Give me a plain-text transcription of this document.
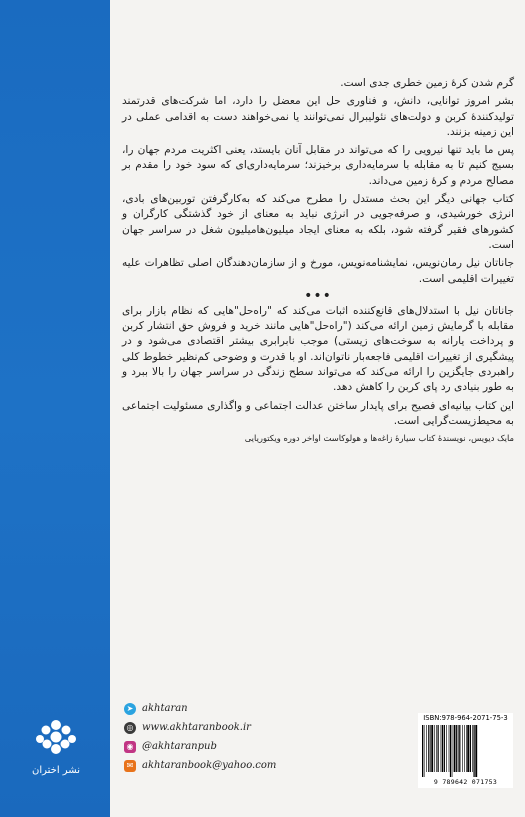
نشر اختران

گرم شدن کرهٔ زمین خطری جدی است.

بشر امروز توانایی، دانش، و فناوری حل این معضل را دارد، اما شرکت‌های قدرتمند تولیدکنندهٔ کربن و دولت‌های نئولیبرال نمی‌توانند یا نمی‌خواهند دست به اقدامی عملی در این زمینه بزنند.

پس ما باید تنها نیرویی را که می‌تواند در مقابل آنان بایستد، یعنی اکثریت مردم جهان را، بسیج کنیم تا به مقابله با سرمایه‌داری برخیزند؛ سرمایه‌داری‌ای که سود خود را مقدم بر مصالح مردم و کرهٔ زمین می‌داند.

کتاب جهانی دیگر این بحث مستدل را مطرح می‌کند که به‌کارگرفتن توربین‌های بادی، انرژی خورشیدی، و صرفه‌جویی در انرژی نباید به معنای از خود گذشتگی کارگران و کشورهای فقیر گرفته شود، بلکه به معنای ایجاد میلیون‌هامیلیون شغل در سراسر جهان است.

جاناتان نیل رمان‌نویس، نمایشنامه‌نویس، مورخ و از سازمان‌دهندگان اصلی تظاهرات علیه تغییرات اقلیمی است.

•••

جاناتان نیل با استدلال‌های قانع‌کننده اثبات می‌کند که "راه‌حل"هایی که نظام بازار برای مقابله با گرمایش زمین ارائه می‌کند ("راه‌حل"هایی مانند خرید و فروش حق انتشار کربن و پرداخت یارانه به سوخت‌های زیستی) موجب نابرابری بیشتر اقتصادی می‌شود و در پیشگیری از تغییرات اقلیمی فاجعه‌بار ناتوان‌اند. او با قدرت و وضوحی کم‌نظیر خطوط کلی راهبردی جایگزین را ارائه می‌کند که می‌تواند سطح زندگی در سراسر جهان را بالا ببرد و به طور بنیادی رد پای کربن را کاهش دهد.

این کتاب بیانیه‌ای فصیح برای پایدار ساختن عدالت اجتماعی و واگذاری مسئولیت اجتماعی به محیط‌زیست‌گرایی است.

مایک دیویس، نویسندهٔ کتاب سیارهٔ زاغه‌ها و هولوکاست اواخر دوره ویکتوریایی

➤ akhtaran
◎ www.akhtaranbook.ir
◉ @akhtaranpub
✉ akhtaranbook@yahoo.com
ISBN:978-964-2071-75-3
9 789642 071753
